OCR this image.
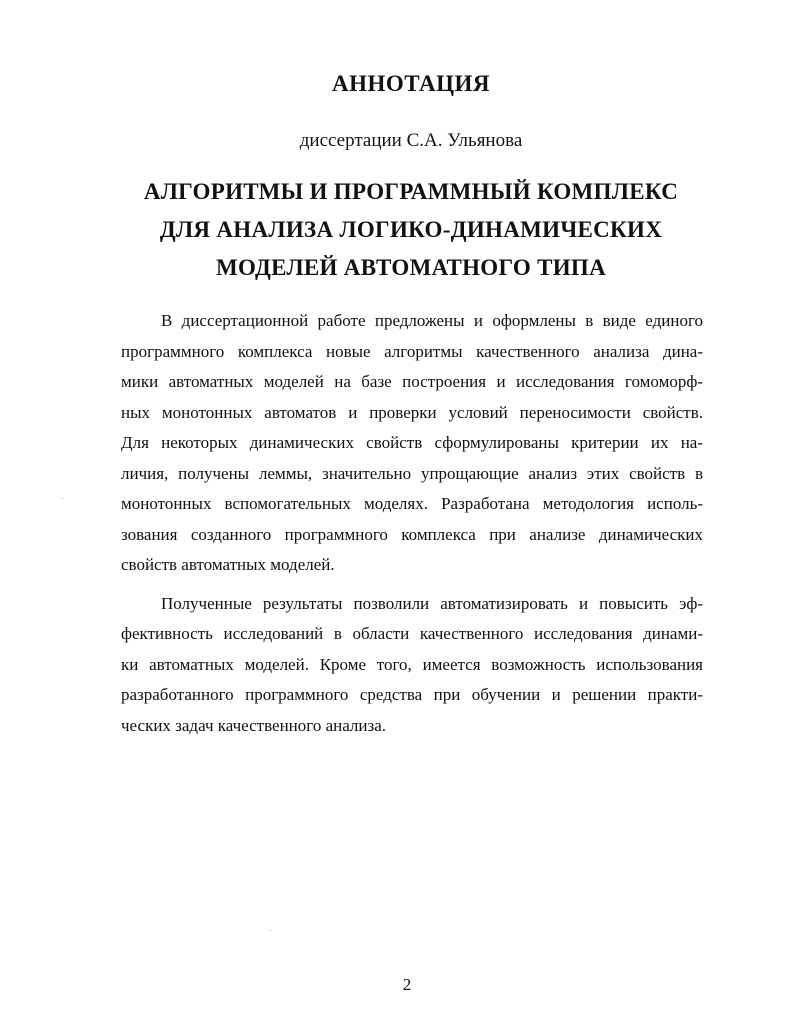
АННОТАЦИЯ
диссертации С.А. Ульянова
АЛГОРИТМЫ И ПРОГРАММНЫЙ КОМПЛЕКС
ДЛЯ АНАЛИЗА ЛОГИКО-ДИНАМИЧЕСКИХ
МОДЕЛЕЙ АВТОМАТНОГО ТИПА

В диссертационной работе предложены и оформлены в виде единого
программного комплекса новые алгоритмы качественного анализа дина-
мики автоматных моделей на базе построения и исследования гомоморф-
ных монотонных автоматов и проверки условий переносимости свойств.
Для некоторых динамических свойств сформулированы критерии их на-
личия, получены леммы, значительно упрощающие анализ этих свойств в
монотонных вспомогательных моделях. Разработана методология исполь-
зования созданного программного комплекса при анализе динамических
свойств автоматных моделей.

Полученные результаты позволили автоматизировать и повысить эф-
фективность исследований в области качественного исследования динами-
ки автоматных моделей. Кроме того, имеется возможность использования
разработанного программного средства при обучении и решении практи-
ческих задач качественного анализа.

2
